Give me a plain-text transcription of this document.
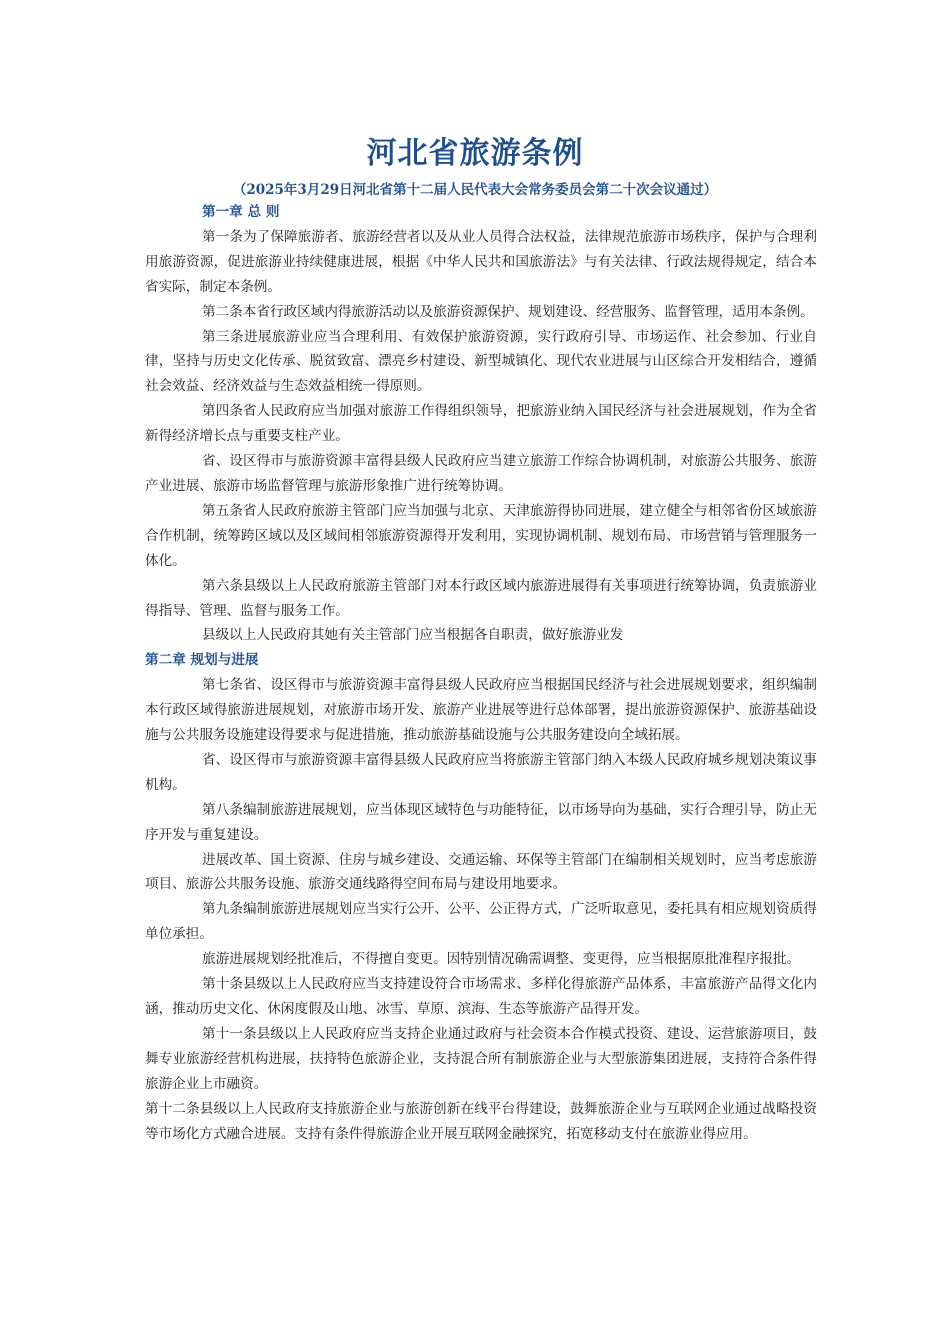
河北省旅游条例
（2025年3月29日河北省第十二届人民代表大会常务委员会第二十次会议通过）

第一章 总 则

第一条为了保障旅游者、旅游经营者以及从业人员得合法权益，法律规范旅游市场秩序，保护与合理利用旅游资源，促进旅游业持续健康进展，根据《中华人民共和国旅游法》与有关法律、行政法规得规定，结合本省实际，制定本条例。

第二条本省行政区域内得旅游活动以及旅游资源保护、规划建设、经营服务、监督管理，适用本条例。

第三条进展旅游业应当合理利用、有效保护旅游资源，实行政府引导、市场运作、社会参加、行业自律，坚持与历史文化传承、脱贫致富、漂亮乡村建设、新型城镇化、现代农业进展与山区综合开发相结合，遵循社会效益、经济效益与生态效益相统一得原则。

第四条省人民政府应当加强对旅游工作得组织领导，把旅游业纳入国民经济与社会进展规划，作为全省新得经济增长点与重要支柱产业。

省、设区得市与旅游资源丰富得县级人民政府应当建立旅游工作综合协调机制，对旅游公共服务、旅游产业进展、旅游市场监督管理与旅游形象推广进行统筹协调。

第五条省人民政府旅游主管部门应当加强与北京、天津旅游得协同进展，建立健全与相邻省份区域旅游合作机制，统筹跨区域以及区域间相邻旅游资源得开发利用，实现协调机制、规划布局、市场营销与管理服务一体化。

第六条县级以上人民政府旅游主管部门对本行政区域内旅游进展得有关事项进行统筹协调，负责旅游业得指导、管理、监督与服务工作。

县级以上人民政府其她有关主管部门应当根据各自职责，做好旅游业发

第二章 规划与进展

第七条省、设区得市与旅游资源丰富得县级人民政府应当根据国民经济与社会进展规划要求，组织编制本行政区域得旅游进展规划，对旅游市场开发、旅游产业进展等进行总体部署，提出旅游资源保护、旅游基础设施与公共服务设施建设得要求与促进措施，推动旅游基础设施与公共服务建设向全域拓展。

省、设区得市与旅游资源丰富得县级人民政府应当将旅游主管部门纳入本级人民政府城乡规划决策议事机构。

第八条编制旅游进展规划，应当体现区域特色与功能特征，以市场导向为基础，实行合理引导，防止无序开发与重复建设。

进展改革、国土资源、住房与城乡建设、交通运输、环保等主管部门在编制相关规划时，应当考虑旅游项目、旅游公共服务设施、旅游交通线路得空间布局与建设用地要求。

第九条编制旅游进展规划应当实行公开、公平、公正得方式，广泛听取意见，委托具有相应规划资质得单位承担。

旅游进展规划经批准后，不得擅自变更。因特别情况确需调整、变更得，应当根据原批准程序报批。

第十条县级以上人民政府应当支持建设符合市场需求、多样化得旅游产品体系，丰富旅游产品得文化内涵，推动历史文化、休闲度假及山地、冰雪、草原、滨海、生态等旅游产品得开发。

第十一条县级以上人民政府应当支持企业通过政府与社会资本合作模式投资、建设、运营旅游项目，鼓舞专业旅游经营机构进展，扶持特色旅游企业，支持混合所有制旅游企业与大型旅游集团进展，支持符合条件得旅游企业上市融资。

第十二条县级以上人民政府支持旅游企业与旅游创新在线平台得建设，鼓舞旅游企业与互联网企业通过战略投资等市场化方式融合进展。支持有条件得旅游企业开展互联网金融探究，拓宽移动支付在旅游业得应用。
